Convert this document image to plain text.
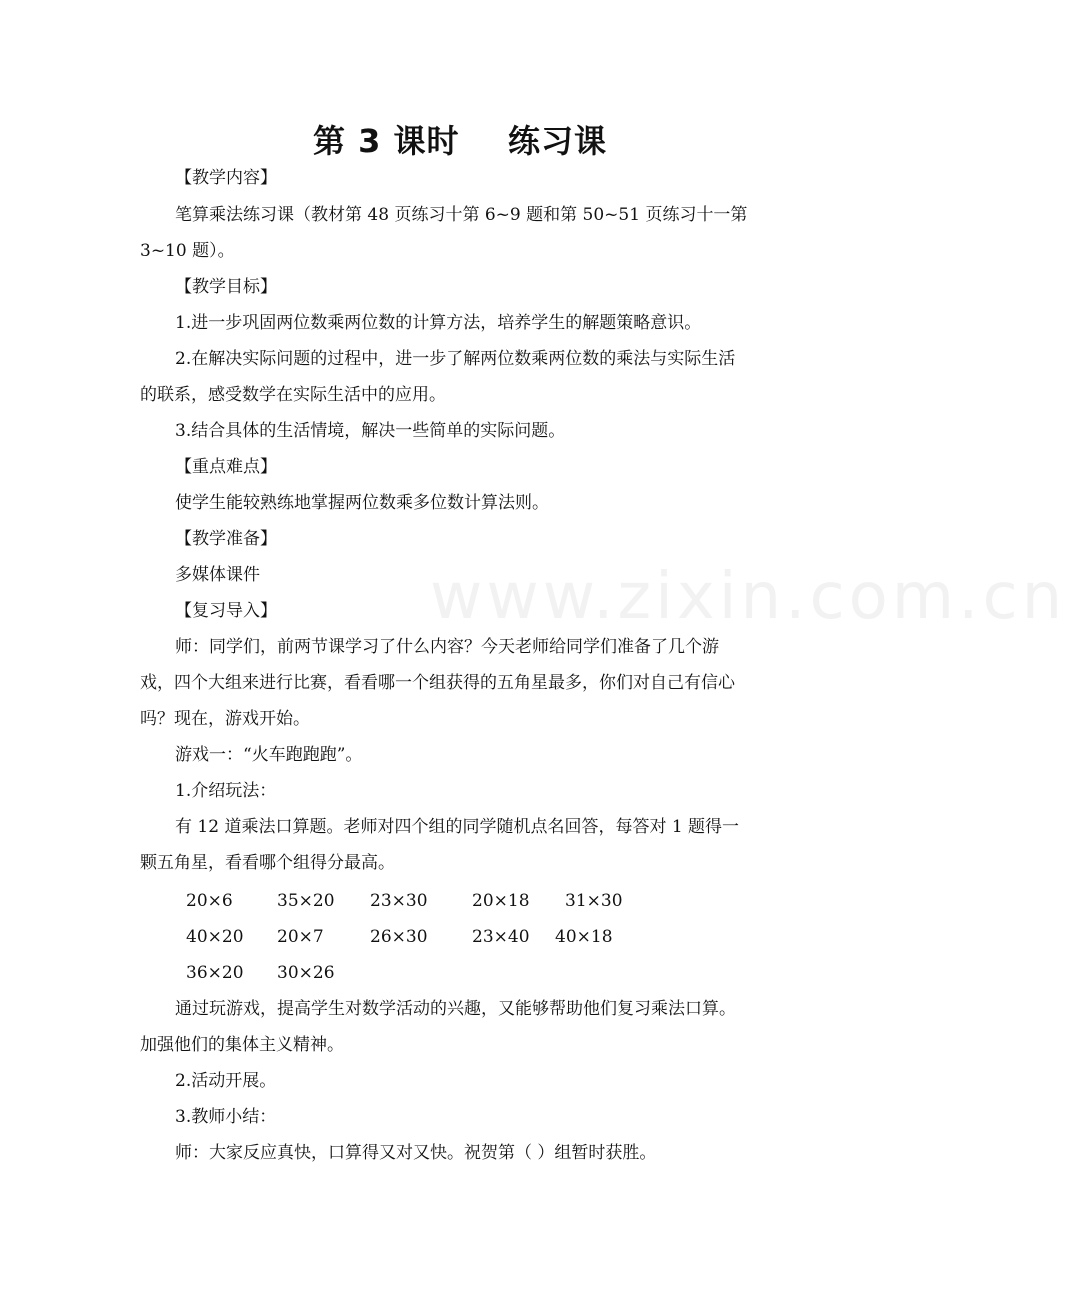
www.zixin.com.cn
第 3 课时    练习课
【教学内容】
笔算乘法练习课（教材第 48 页练习十第 6~9 题和第 50~51 页练习十一第
3~10 题）。
【教学目标】
1.进一步巩固两位数乘两位数的计算方法，培养学生的解题策略意识。
2.在解决实际问题的过程中，进一步了解两位数乘两位数的乘法与实际生活
的联系，感受数学在实际生活中的应用。
3.结合具体的生活情境，解决一些简单的实际问题。
【重点难点】
使学生能较熟练地掌握两位数乘多位数计算法则。
【教学准备】
多媒体课件
【复习导入】
师：同学们，前两节课学习了什么内容？今天老师给同学们准备了几个游
戏，四个大组来进行比赛，看看哪一个组获得的五角星最多，你们对自己有信心
吗？现在，游戏开始。
游戏一：“火车跑跑跑”。
1.介绍玩法：
有 12 道乘法口算题。老师对四个组的同学随机点名回答，每答对 1 题得一
颗五角星，看看哪个组得分最高。
20×6	35×20 23×30	20×18 31×30
40×20 20×7	26×30	23×40 40×18
36×20 30×26
通过玩游戏，提高学生对数学活动的兴趣，又能够帮助他们复习乘法口算。
加强他们的集体主义精神。
2.活动开展。
3.教师小结：
师：大家反应真快，口算得又对又快。祝贺第（ ）组暂时获胜。
